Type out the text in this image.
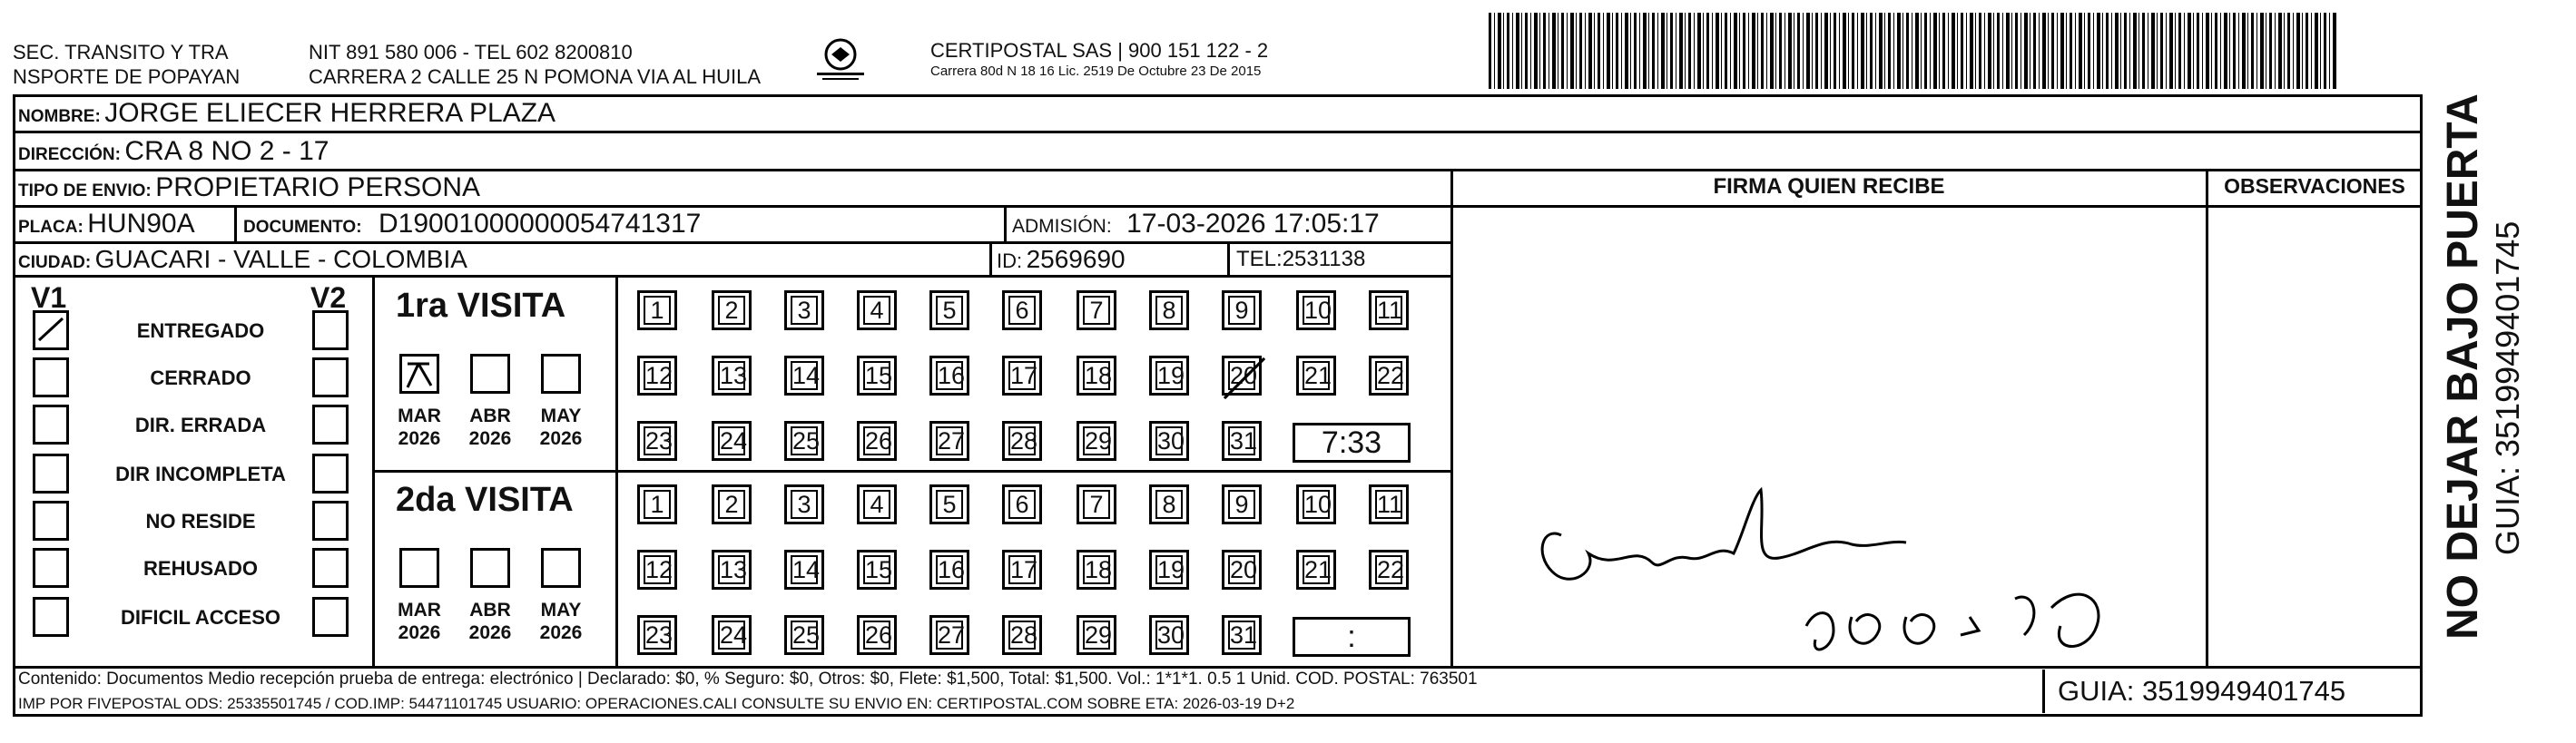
SEC. TRANSITO Y TRA
NSPORTE DE POPAYAN
NIT 891 580 006 - TEL 602 8200810
CARRERA 2 CALLE 25 N POMONA VIA AL HUILA
CERTIPOSTAL SAS | 900 151 122 - 2
Carrera 80d N 18 16 Lic. 2519 De Octubre 23 De 2015
NOMBRE: JORGE ELIECER HERRERA PLAZA
DIRECCIÓN: CRA 8 NO 2 - 17
TIPO DE ENVIO: PROPIETARIO PERSONA
PLACA: HUN90A	DOCUMENTO: D19001000000054741317	ADMISIÓN: 17-03-2026 17:05:17
CIUDAD: GUACARI - VALLE - COLOMBIA	ID: 2569690	TEL:2531138
FIRMA QUIEN RECIBE	OBSERVACIONES
V1	V2
ENTREGADO
CERRADO
DIR. ERRADA
DIR INCOMPLETA
NO RESIDE
REHUSADO
DIFICIL ACCESO
1ra VISITA
MAR
2026
ABR
2026
MAY
2026
1 2 3 4 5 6 7 8 9 10 11
12 13 14 15 16 17 18 19 20 21 22
23 24 25 26 27 28 29 30 31	7:33
2da VISITA
MAR
2026
ABR
2026
MAY
2026
1 2 3 4 5 6 7 8 9 10 11
12 13 14 15 16 17 18 19 20 21 22
23 24 25 26 27 28 29 30 31	:
Contenido: Documentos Medio recepción prueba de entrega: electrónico | Declarado: $0, % Seguro: $0, Otros: $0, Flete: $1,500, Total: $1,500. Vol.: 1*1*1. 0.5 1 Unid. COD. POSTAL: 763501
IMP POR FIVEPOSTAL ODS: 25335501745 / COD.IMP: 54471101745 USUARIO: OPERACIONES.CALI CONSULTE SU ENVIO EN: CERTIPOSTAL.COM SOBRE ETA: 2026-03-19 D+2	GUIA: 3519949401745
NO DEJAR BAJO PUERTA GUIA: 3519949401745
